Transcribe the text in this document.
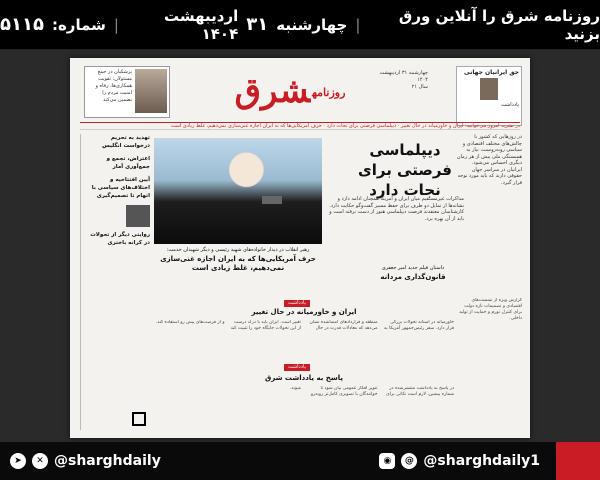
روزنامه شرق را آنلاین ورق بزنید
|
چهارشنبه
۳۱
اردیبهشت ۱۴۰۴
|
شماره:
۵۱۱۵
پزشکیان در جمع مسئولان: تقویت همکاری‌ها، رفاه و امنیت مردم را تضمین می‌کند
روزنامهشرق	چهارشنبه ۳۱ اردیبهشت ۱۴۰۴
سال ۲۱
حق ایرانیان جهانی
یادداشت
در نشریه امروز می‌خوانید: ایران و خاورمیانه در حال تغییر · دیپلماسی فرصتی برای نجات دارد · حرف آمریکایی‌ها که به ایران اجازه غنی‌سازی نمی‌دهیم، غلط زیادی است
تهدید به تحریم درخواست انگلیس
اعتراض، تجمع و جمع‌آوری آمار
آیین افتتاحیه و اختلاف‌های سیاسی با اتهام تا تصمیم‌گیری
روایتی دیگر از تحولات در کرانه باختری
رهبر انقلاب در دیدار خانواده‌های شهید رئیسی و دیگر شهیدان خدمت:
حرف آمریکایی‌ها که به ایران اجازه غنی‌سازی نمی‌دهیم، غلط زیادی است
دیپلماسی فرصتی برای نجات دارد
مذاکرات غیرمستقیم میان ایران و آمریکا همچنان ادامه دارد و نشانه‌ها از تمایل دو طرف برای حفظ مسیر گفت‌وگو حکایت دارد. کارشناسان معتقدند فرصت دیپلماسی هنوز از دست نرفته است و باید از آن بهره برد.
داستان فیلم جدید امیر جعفری
قانون‌گذاری مردانه

در روزهایی که کشور با چالش‌های مختلف اقتصادی و سیاسی روبه‌روست، نیاز به همبستگی ملی بیش از هر زمان دیگری احساس می‌شود. ایرانیان در سراسر جهان حقوقی دارند که باید مورد توجه قرار گیرد.

یادداشت
ایران و خاورمیانه در حال تغییر
خاورمیانه در آستانه تحولات بزرگی قرار دارد. سفر رئیس‌جمهور آمریکا به منطقه و قراردادهای امضاشده نشان می‌دهد که معادلات قدرت در حال تغییر است. ایران باید با درک درست از این تحولات جایگاه خود را تثبیت کند و از فرصت‌های پیش رو استفاده کند.
یادداشت
پاسخ به یادداشت شرق
در پاسخ به یادداشت منتشرشده در شماره پیشین، لازم است نکاتی برای تنویر افکار عمومی بیان شود تا خوانندگان با تصویری کامل‌تر روبه‌رو شوند.
گزارش ویژه از نشست‌های اقتصادی و تصمیمات تازه دولت برای کنترل تورم و حمایت از تولید داخلی.
➤	✕ @sharghdaily	◉	@ @sharghdaily1
